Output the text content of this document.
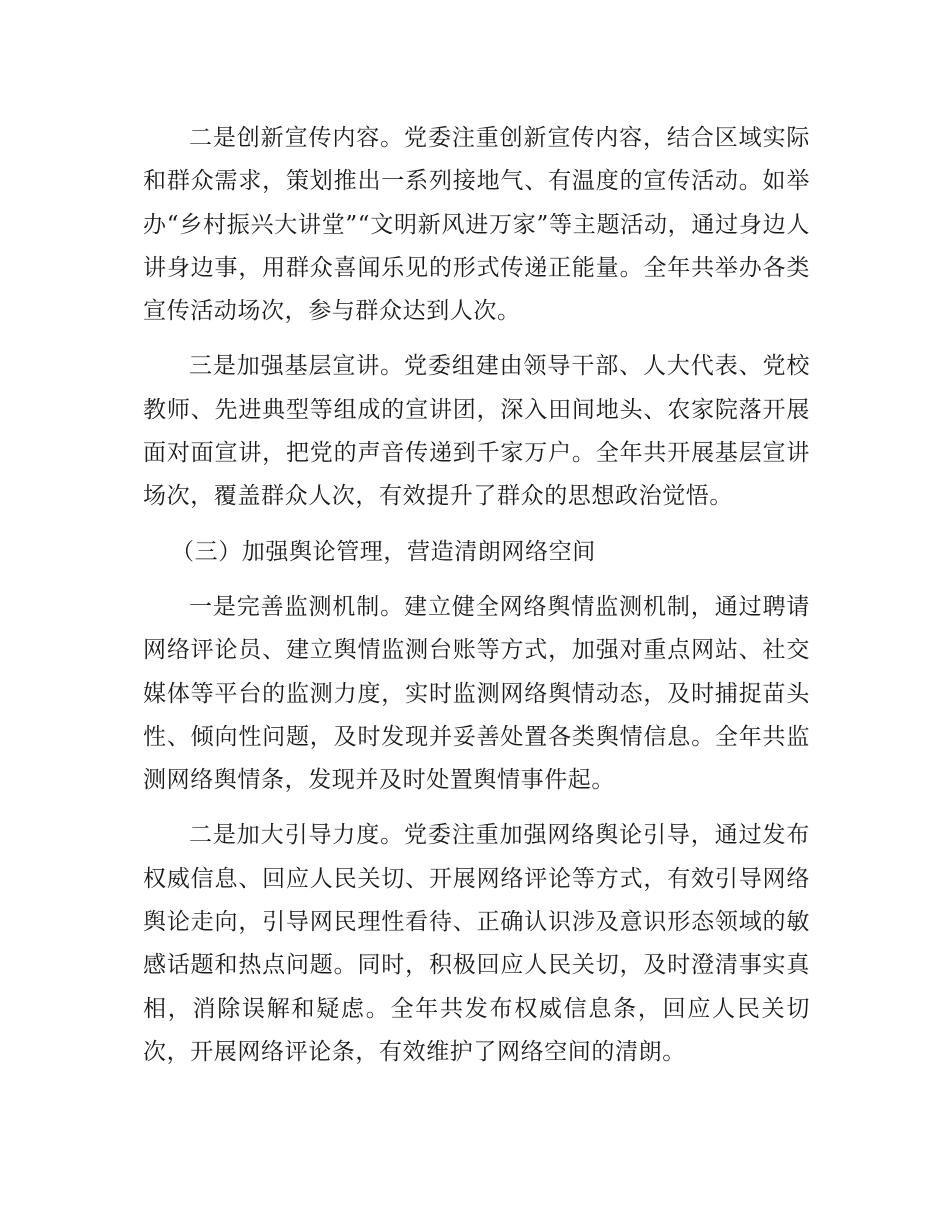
二是创新宣传内容。党委注重创新宣传内容，结合区域实际和群众需求，策划推出一系列接地气、有温度的宣传活动。如举办“乡村振兴大讲堂”“文明新风进万家”等主题活动，通过身边人讲身边事，用群众喜闻乐见的形式传递正能量。全年共举办各类宣传活动场次，参与群众达到人次。

三是加强基层宣讲。党委组建由领导干部、人大代表、党校教师、先进典型等组成的宣讲团，深入田间地头、农家院落开展面对面宣讲，把党的声音传递到千家万户。全年共开展基层宣讲场次，覆盖群众人次，有效提升了群众的思想政治觉悟。

（三）加强舆论管理，营造清朗网络空间

一是完善监测机制。建立健全网络舆情监测机制，通过聘请网络评论员、建立舆情监测台账等方式，加强对重点网站、社交媒体等平台的监测力度，实时监测网络舆情动态，及时捕捉苗头性、倾向性问题，及时发现并妥善处置各类舆情信息。全年共监测网络舆情条，发现并及时处置舆情事件起。

二是加大引导力度。党委注重加强网络舆论引导，通过发布权威信息、回应人民关切、开展网络评论等方式，有效引导网络舆论走向，引导网民理性看待、正确认识涉及意识形态领域的敏感话题和热点问题。同时，积极回应人民关切，及时澄清事实真相，消除误解和疑虑。全年共发布权威信息条，回应人民关切次，开展网络评论条，有效维护了网络空间的清朗。
